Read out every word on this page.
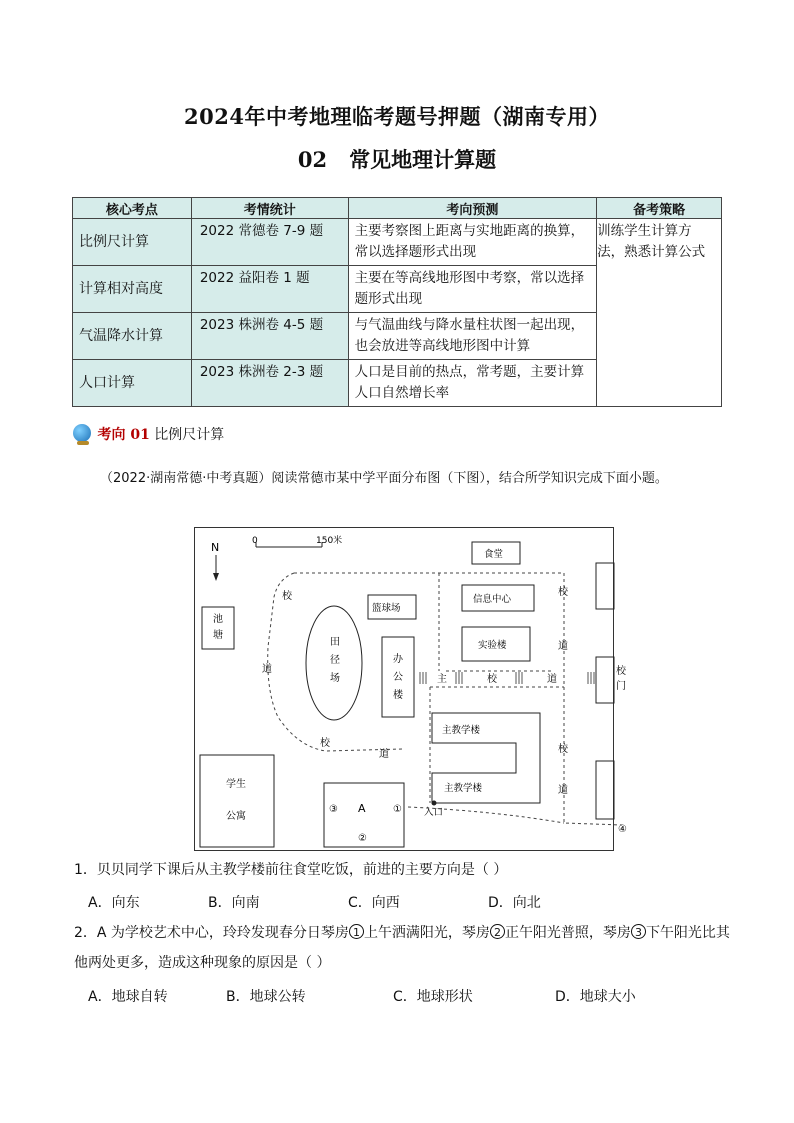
2024年中考地理临考题号押题（湖南专用）
02 常见地理计算题
核心考点	考情统计	考向预测	备考策略
比例尺计算	2022 常德卷 7-9 题	主要考察图上距离与实地距离的换算，常以选择题形式出现	训练学生计算方法，熟悉计算公式
计算相对高度	2022 益阳卷 1 题	主要在等高线地形图中考察，常以选择题形式出现	
气温降水计算	2023 株洲卷 4-5 题	与气温曲线与降水量柱状图一起出现，也会放进等高线地形图中计算	
人口计算	2023 株洲卷 2-3 题	人口是目前的热点，常考题，主要计算人口自然增长率	
考向 01 比例尺计算
（2022·湖南常德·中考真题）阅读常德市某中学平面分布图（下图），结合所学知识完成下面小题。
N	0	150米
食堂
池
塘
田
径
场
篮球场
信息中心
实验楼
办
公
楼
主	校	道
校
门
主教学楼
主教学楼
学生
公寓
A
③	①
②
入口
④
校
道
校
道
校
道
校
道
1．贝贝同学下课后从主教学楼前往食堂吃饭，前进的主要方向是（ ）
A．向东	B．向南	C．向西	D．向北
2．A 为学校艺术中心，玲玲发现春分日琴房 1 上午洒满阳光，琴房 2 正午阳光普照，琴房 3 下午阳光比其他两处更多，造成这种现象的原因是（ ）
A．地球自转	B．地球公转	C．地球形状	D．地球大小
